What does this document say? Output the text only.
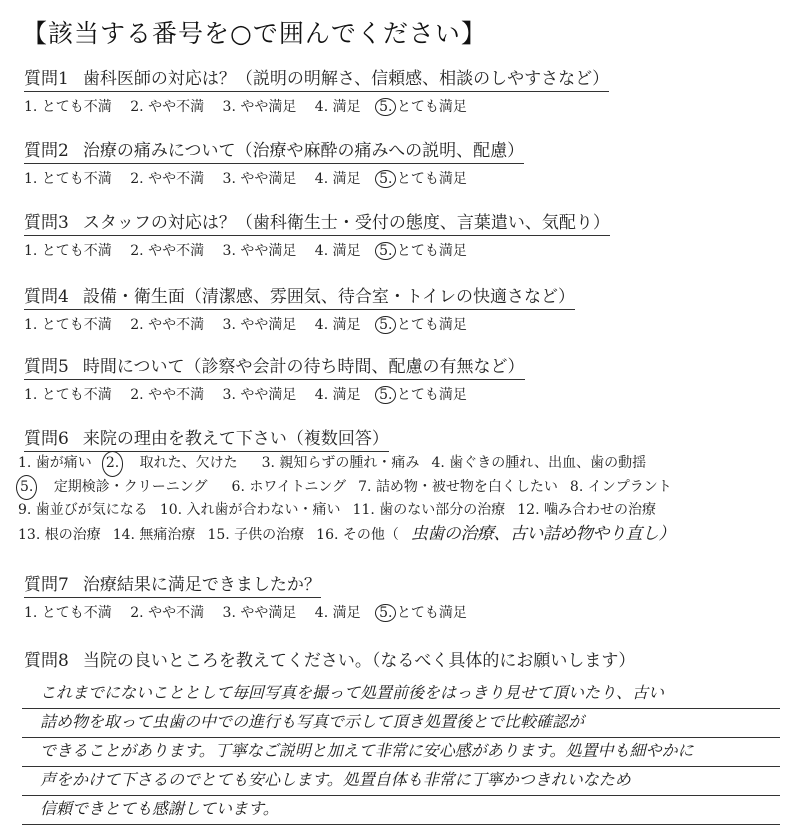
【該当する番号を○で囲んでください】
質問1 歯科医師の対応は？（説明の明解さ、信頼感、相談のしやすさなど）
1. とても不満 2. やや不満 3. やや満足 4. 満足 5. とても満足
質問2 治療の痛みについて（治療や麻酔の痛みへの説明、配慮）
1. とても不満 2. やや不満 3. やや満足 4. 満足 5. とても満足
質問3 スタッフの対応は？（歯科衛生士・受付の態度、言葉遣い、気配り）
1. とても不満 2. やや不満 3. やや満足 4. 満足 5. とても満足
質問4 設備・衛生面（清潔感、雰囲気、待合室・トイレの快適さなど）
1. とても不満 2. やや不満 3. やや満足 4. 満足 5. とても満足
質問5 時間について（診察や会計の待ち時間、配慮の有無など）
1. とても不満 2. やや不満 3. やや満足 4. 満足 5. とても満足
質問6 来院の理由を教えて下さい（複数回答）
1. 歯が痛い 2. 取れた、欠けた 3. 親知らずの腫れ・痛み 4. 歯ぐきの腫れ、出血、歯の動揺
5. 定期検診・クリーニング 6. ホワイトニング 7. 詰め物・被せ物を白くしたい 8. インプラント
9. 歯並びが気になる 10. 入れ歯が合わない・痛い 11. 歯のない部分の治療 12. 噛み合わせの治療
13. 根の治療 14. 無痛治療 15. 子供の治療 16. その他（ 虫歯の治療、古い詰め物やり直し）
質問7 治療結果に満足できましたか？
1. とても不満 2. やや不満 3. やや満足 4. 満足 5. とても満足
質問8 当院の良いところを教えてください。（なるべく具体的にお願いします）
これまでにないこととして毎回写真を撮って処置前後をはっきり見せて頂いたり、古い
詰め物を取って虫歯の中での進行も写真で示して頂き処置後とで比較確認が
できることがあります。丁寧なご説明と加えて非常に安心感があります。処置中も細やかに
声をかけて下さるのでとても安心します。処置自体も非常に丁寧かつきれいなため
信頼できとても感謝しています。
